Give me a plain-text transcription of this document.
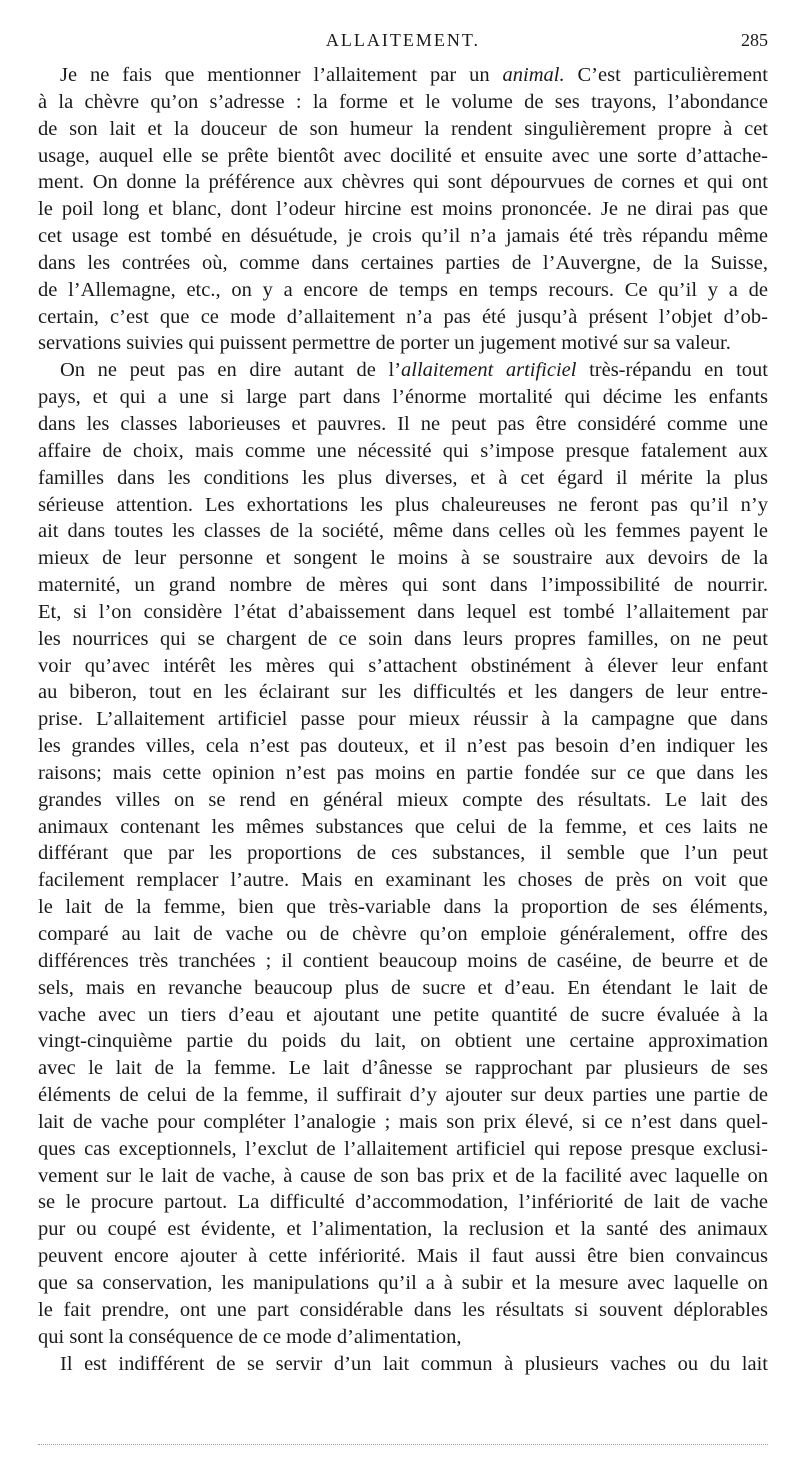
ALLAITEMENT.	285
Je ne fais que mentionner l’allaitement par un animal. C’est particulièrement
à la chèvre qu’on s’adresse : la forme et le volume de ses trayons, l’abondance
de son lait et la douceur de son humeur la rendent singulièrement propre à cet
usage, auquel elle se prête bientôt avec docilité et ensuite avec une sorte d’attache-
ment. On donne la préférence aux chèvres qui sont dépourvues de cornes et qui ont
le poil long et blanc, dont l’odeur hircine est moins prononcée. Je ne dirai pas que
cet usage est tombé en désuétude, je crois qu’il n’a jamais été très répandu même
dans les contrées où, comme dans certaines parties de l’Auvergne, de la Suisse,
de l’Allemagne, etc., on y a encore de temps en temps recours. Ce qu’il y a de
certain, c’est que ce mode d’allaitement n’a pas été jusqu’à présent l’objet d’ob-
servations suivies qui puissent permettre de porter un jugement motivé sur sa valeur.
On ne peut pas en dire autant de l’allaitement artificiel très-répandu en tout
pays, et qui a une si large part dans l’énorme mortalité qui décime les enfants
dans les classes laborieuses et pauvres. Il ne peut pas être considéré comme une
affaire de choix, mais comme une nécessité qui s’impose presque fatalement aux
familles dans les conditions les plus diverses, et à cet égard il mérite la plus
sérieuse attention. Les exhortations les plus chaleureuses ne feront pas qu’il n’y
ait dans toutes les classes de la société, même dans celles où les femmes payent le
mieux de leur personne et songent le moins à se soustraire aux devoirs de la
maternité, un grand nombre de mères qui sont dans l’impossibilité de nourrir.
Et, si l’on considère l’état d’abaissement dans lequel est tombé l’allaitement par
les nourrices qui se chargent de ce soin dans leurs propres familles, on ne peut
voir qu’avec intérêt les mères qui s’attachent obstinément à élever leur enfant
au biberon, tout en les éclairant sur les difficultés et les dangers de leur entre-
prise. L’allaitement artificiel passe pour mieux réussir à la campagne que dans
les grandes villes, cela n’est pas douteux, et il n’est pas besoin d’en indiquer les
raisons; mais cette opinion n’est pas moins en partie fondée sur ce que dans les
grandes villes on se rend en général mieux compte des résultats. Le lait des
animaux contenant les mêmes substances que celui de la femme, et ces laits ne
différant que par les proportions de ces substances, il semble que l’un peut
facilement remplacer l’autre. Mais en examinant les choses de près on voit que
le lait de la femme, bien que très-variable dans la proportion de ses éléments,
comparé au lait de vache ou de chèvre qu’on emploie généralement, offre des
différences très tranchées ; il contient beaucoup moins de caséine, de beurre et de
sels, mais en revanche beaucoup plus de sucre et d’eau. En étendant le lait de
vache avec un tiers d’eau et ajoutant une petite quantité de sucre évaluée à la
vingt-cinquième partie du poids du lait, on obtient une certaine approximation
avec le lait de la femme. Le lait d’ânesse se rapprochant par plusieurs de ses
éléments de celui de la femme, il suffirait d’y ajouter sur deux parties une partie de
lait de vache pour compléter l’analogie ; mais son prix élevé, si ce n’est dans quel-
ques cas exceptionnels, l’exclut de l’allaitement artificiel qui repose presque exclusi-
vement sur le lait de vache, à cause de son bas prix et de la facilité avec laquelle on
se le procure partout. La difficulté d’accommodation, l’infériorité de lait de vache
pur ou coupé est évidente, et l’alimentation, la reclusion et la santé des animaux
peuvent encore ajouter à cette infériorité. Mais il faut aussi être bien convaincus
que sa conservation, les manipulations qu’il a à subir et la mesure avec laquelle on
le fait prendre, ont une part considérable dans les résultats si souvent déplorables
qui sont la conséquence de ce mode d’alimentation,
Il est indifférent de se servir d’un lait commun à plusieurs vaches ou du lait
